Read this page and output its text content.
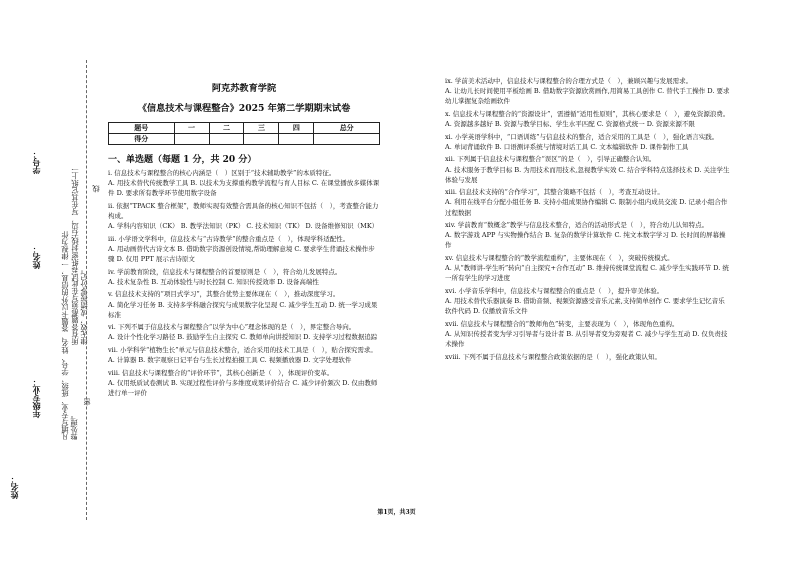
学号：
线
姓名：	所有答题都须写在此试卷纸密封线右边，写在其它纸上一律无效，成绩按零分记。
凡填写专业、班级、学号、姓名、答题卡以外的信息，一律视为作弊处理。
密
年级专业：
姓名：
阿克苏教育学院
《信息技术与课程整合》2025 年第二学期期末试卷
题号	一	二	三	四	总分
得分					
一、单选题（每题 1 分，共 20 分）
i. 信息技术与课程整合的核心内涵是（　）区别于“技术辅助教学”的本质特征。
A. 用技术替代传统教学工具 B. 以技术为支撑重构教学流程与育人目标 C. 在课堂播放多媒体课件 D. 要求所有教学环节使用数字设备
ii. 依据“TPACK 整合框架”，教师实现有效整合需具备的核心知识不包括（　），考查整合能力构成。
A. 学科内容知识（CK） B. 教学法知识（PK） C. 技术知识（TK） D. 设备维修知识（MK）
iii. 小学语文学科中，信息技术与“古诗教学”的整合重点是（　），体现学科适配性。
A. 用动画替代古诗文本 B. 借助数字资源创设情境,帮助理解意境 C. 要求学生背诵技术操作步骤 D. 仅用 PPT 展示古诗原文
iv. 学前教育阶段，信息技术与课程整合的首要原则是（　），符合幼儿发展特点。
A. 技术复杂性 B. 互动体验性与时长控制 C. 知识传授效率 D. 设备高端性
v. 信息技术支持的“项目式学习”，其整合优势主要体现在（　），推动深度学习。
A. 简化学习任务 B. 支持多学科融合探究与成果数字化呈现 C. 减少学生互动 D. 统一学习成果标准
vi. 下列不属于信息技术与课程整合“以学为中心”理念体现的是（　），界定整合导向。
A. 设计个性化学习路径 B. 鼓励学生自主探究 C. 教师单向讲授知识 D. 支持学习过程数据追踪
vii. 小学科学“植物生长”单元与信息技术整合，适合采用的技术工具是（　），贴合探究需求。
A. 计算器 B. 数字观察日记平台与生长过程拍摄工具 C. 视频播放器 D. 文字处理软件
viii. 信息技术与课程整合的“评价环节”，其核心创新是（　），体现评价变革。
A. 仅用纸质试卷测试 B. 实现过程性评价与多维度成果评价结合 C. 减少评价频次 D. 仅由教师进行单一评价
ix. 学前美术活动中，信息技术与课程整合的合理方式是（　），兼顾兴趣与发展需求。
A. 让幼儿长时间使用平板绘画 B. 借助数字资源欣赏画作,用简易工具创作 C. 替代手工操作 D. 要求幼儿掌握复杂绘画软件
x. 信息技术与课程整合的“资源设计”，需遵循“适用性原则”，其核心要求是（　），避免资源浪费。
A. 资源越多越好 B. 资源与教学目标、学生水平匹配 C. 资源格式统一 D. 资源来源不限
xi. 小学英语学科中，“口语训练”与信息技术的整合，适合采用的工具是（　），强化语言实践。
A. 单词背诵软件 B. 口语测评系统与情境对话工具 C. 文本编辑软件 D. 课件制作工具
xii. 下列属于信息技术与课程整合“误区”的是（　），引导正确整合认知。
A. 技术服务于教学目标 B. 为用技术而用技术,忽视教学实效 C. 结合学科特点选择技术 D. 关注学生体验与发展
xiii. 信息技术支持的“合作学习”，其整合策略不包括（　），考查互动设计。
A. 利用在线平台分配小组任务 B. 支持小组成果协作编辑 C. 限制小组内成员交流 D. 记录小组合作过程数据
xiv. 学前教育“数概念”教学与信息技术整合，适合的活动形式是（　），符合幼儿认知特点。
A. 数字游戏 APP 与实物操作结合 B. 复杂的数学计算软件 C. 纯文本数字学习 D. 长时间的屏幕操作
xv. 信息技术与课程整合的“教学流程重构”，主要体现在（　），突破传统模式。
A. 从“教师讲-学生听”转向“自主探究+合作互动” B. 维持传统课堂流程 C. 减少学生实践环节 D. 统一所有学生的学习进度
xvi. 小学音乐学科中，信息技术与课程整合的重点是（　），提升审美体验。
A. 用技术替代乐器演奏 B. 借助音频、视频资源感受音乐元素,支持简单创作 C. 要求学生记忆音乐软件代码 D. 仅播放音乐文件
xvii. 信息技术与课程整合的“教师角色”转变，主要表现为（　），体现角色重构。
A. 从知识传授者变为学习引导者与设计者 B. 从引导者变为旁观者 C. 减少与学生互动 D. 仅负责技术操作
xviii. 下列不属于信息技术与课程整合政策依据的是（　），强化政策认知。
第1页，共3页
